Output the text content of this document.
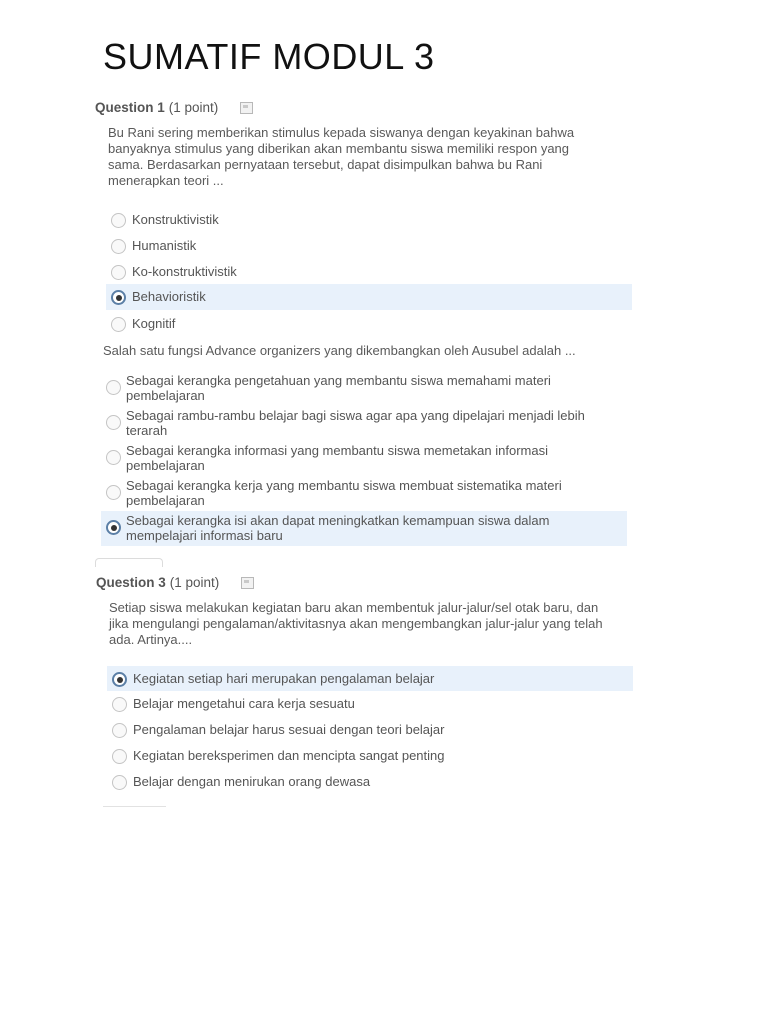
SUMATIF MODUL 3
Question 1 (1 point)
Bu Rani sering memberikan stimulus kepada siswanya dengan keyakinan bahwa
banyaknya stimulus yang diberikan akan membantu siswa memiliki respon yang
sama. Berdasarkan pernyataan tersebut, dapat disimpulkan bahwa bu Rani
menerapkan teori ...
Konstruktivistik
Humanistik
Ko-konstruktivistik
Behavioristik
Kognitif
Salah satu fungsi Advance organizers yang dikembangkan oleh Ausubel adalah ...
Sebagai kerangka pengetahuan yang membantu siswa memahami materi
pembelajaran
Sebagai rambu-rambu belajar bagi siswa agar apa yang dipelajari menjadi lebih
terarah
Sebagai kerangka informasi yang membantu siswa memetakan informasi
pembelajaran
Sebagai kerangka kerja yang membantu siswa membuat sistematika materi
pembelajaran
Sebagai kerangka isi akan dapat meningkatkan kemampuan siswa dalam
mempelajari informasi baru
Question 3 (1 point)
Setiap siswa melakukan kegiatan baru akan membentuk jalur-jalur/sel otak baru, dan
jika mengulangi pengalaman/aktivitasnya akan mengembangkan jalur-jalur yang telah
ada. Artinya....
Kegiatan setiap hari merupakan pengalaman belajar
Belajar mengetahui cara kerja sesuatu
Pengalaman belajar harus sesuai dengan teori belajar
Kegiatan bereksperimen dan mencipta sangat penting
Belajar dengan menirukan orang dewasa
